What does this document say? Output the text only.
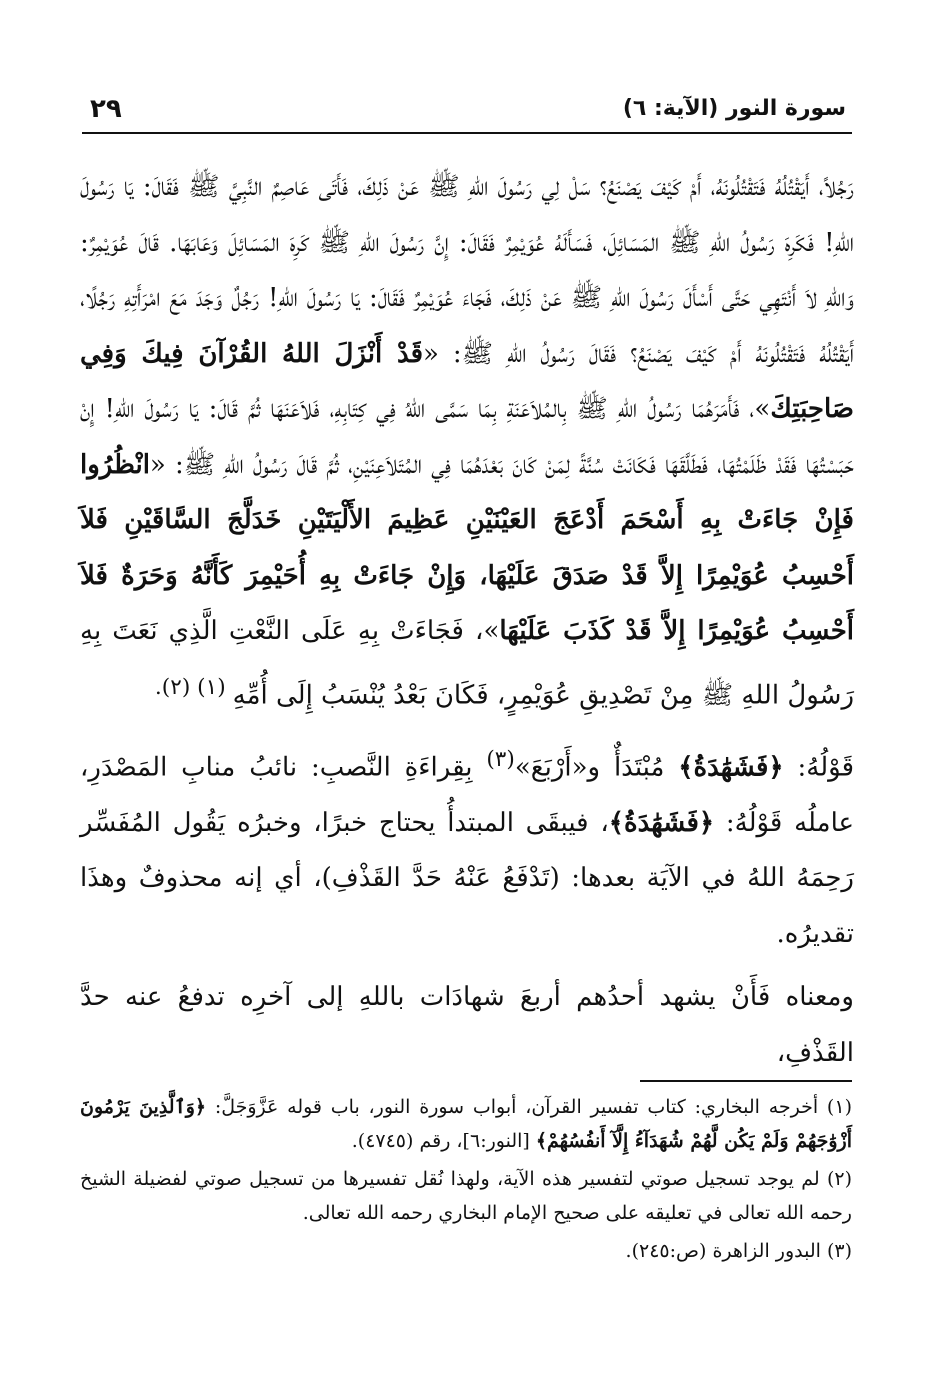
٢٩	سورة النور (الآية: ٦)

رَجُلاً، أَيَقْتُلُهُ فَتَقْتُلُونَهُ، أَمْ كَيْفَ يَصْنَعُ؟ سَلْ لِي رَسُولَ اللهِ ﷺ عَنْ ذَلِكَ، فَأَتَى عَاصِمٌ النَّبِيَّ ﷺ فَقَالَ: يَا رَسُولَ اللهِ! فَكَرِهَ رَسُولُ اللهِ ﷺ المَسَائِلَ، فَسَأَلَهُ عُوَيْمِرٌ فَقَالَ: إِنَّ رَسُولَ اللهِ ﷺ كَرِهَ المَسَائِلَ وَعَابَهَا. قَالَ عُوَيْمِرٌ: وَاللهِ لاَ أَنْتَهِي حَتَّى أَسْأَلَ رَسُولَ اللهِ ﷺ عَنْ ذَلِكَ، فَجَاءَ عُوَيْمِرٌ فَقَالَ: يَا رَسُولَ اللهِ! رَجُلٌ وَجَدَ مَعَ امْرَأَتِهِ رَجُلًا، أَيَقْتُلُهُ فَتَقْتُلُونَهُ أَمْ كَيْفَ يَصْنَعُ؟ فَقَالَ رَسُولُ اللهِ ﷺ: «قَدْ أَنْزَلَ اللهُ القُرْآنَ فِيكَ وَفِي صَاحِبَتِكَ»، فَأَمَرَهُمَا رَسُولُ اللهِ ﷺ بِالمُلاَعَنَةِ بِمَا سَمَّى اللهُ فِي كِتَابِهِ، فَلاَعَنَهَا ثُمَّ قَالَ: يَا رَسُولَ اللهِ! إِنْ حَبَسْتُهَا فَقَدْ ظَلَمْتُهَا، فَطَلَّقَهَا فَكَانَتْ سُنَّةً لِمَنْ كَانَ بَعْدَهُمَا فِي المُتَلاَعِنَيْنِ، ثُمَّ قَالَ رَسُولُ اللهِ ﷺ: «انْظُرُوا فَإِنْ جَاءَتْ بِهِ أَسْحَمَ أَدْعَجَ العَيْنَيْنِ عَظِيمَ الأَلْيَتَيْنِ خَدَلَّجَ السَّاقَيْنِ فَلاَ أَحْسِبُ عُوَيْمِرًا إِلاَّ قَدْ صَدَقَ عَلَيْهَا، وَإِنْ جَاءَتْ بِهِ أُحَيْمِرَ كَأَنَّهُ وَحَرَةٌ فَلاَ أَحْسِبُ عُوَيْمِرًا إِلاَّ قَدْ كَذَبَ عَلَيْهَا»، فَجَاءَتْ بِهِ عَلَى النَّعْتِ الَّذِي نَعَتَ بِهِ رَسُولُ اللهِ ﷺ مِنْ تَصْدِيقِ عُوَيْمِرٍ، فَكَانَ بَعْدُ يُنْسَبُ إِلَى أُمِّهِ $^{(١) (٢).}$

قَوْلُهُ: ﴿فَشَهَٰدَةُ﴾ مُبْتَدَأٌ و«أَرْبَعَ»$^{(٣)}$ بِقِراءَةِ النَّصبِ: نائبُ منابِ المَصْدَرِ، عاملُه قَوْلُهُ: ﴿فَشَهَٰدَةُ﴾، فيبقَى المبتدأُ يحتاج خبرًا، وخبرُه يَقُول المُفَسِّر رَحِمَهُ اللهُ في الآيَة بعدها: (تَدْفَعُ عَنْهُ حَدَّ القَذْفِ)، أي إنه محذوفٌ وهذَا تقديرُه.

ومعناه فَأَنْ يشهد أحدُهم أربعَ شهادَات باللهِ إلى آخرِه تدفعُ عنه حدَّ القَذْفِ،

(١) أخرجه البخاري: كتاب تفسير القرآن، أبواب سورة النور، باب قوله عَزَّوَجَلَّ: ﴿وَٱلَّذِينَ يَرْمُونَ أَزْوَٰجَهُمْ وَلَمْ يَكُن لَّهُمْ شُهَدَآءُ إِلَّآ أَنفُسُهُمْ﴾ [النور:٦]، رقم (٤٧٤٥).

(٢) لم يوجد تسجيل صوتي لتفسير هذه الآية، ولهذا نُقل تفسيرها من تسجيل صوتي لفضيلة الشيخ رحمه الله تعالى في تعليقه على صحيح الإمام البخاري رحمه الله تعالى.

(٣) البدور الزاهرة (ص:٢٤٥).
